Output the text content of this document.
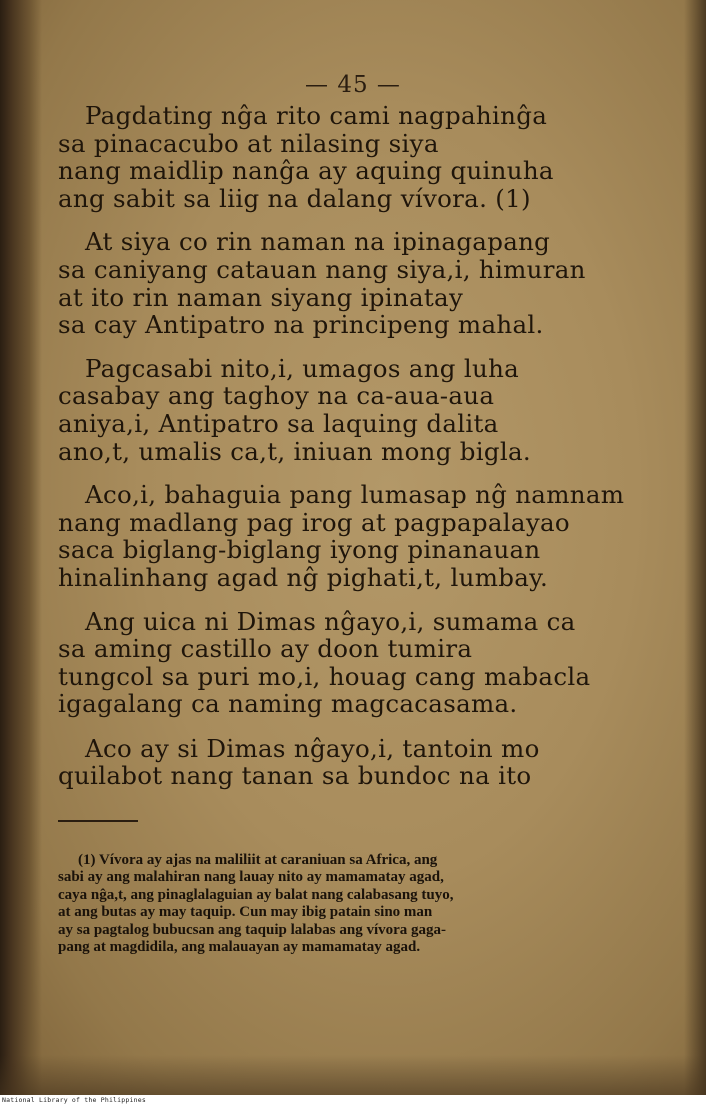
— 45 —
Pagdating nĝa rito cami nagpahinĝa
sa pinacacubo at nilasing siya
nang maidlip nanĝa ay aquing quinuha
ang sabit sa liig na dalang vívora. (1)
At siya co rin naman na ipinagapang
sa caniyang catauan nang siya,i, himuran
at ito rin naman siyang ipinatay
sa cay Antipatro na principeng mahal.
Pagcasabi nito,i, umagos ang luha
casabay ang taghoy na ca-aua-aua
aniya,i, Antipatro sa laquing dalita
ano,t, umalis ca,t, iniuan mong bigla.
Aco,i, bahaguia pang lumasap nĝ namnam
nang madlang pag irog at pagpapalayao
saca biglang-biglang iyong pinanauan
hinalinhang agad nĝ pighati,t, lumbay.
Ang uica ni Dimas nĝayo,i, sumama ca
sa aming castillo ay doon tumira
tungcol sa puri mo,i, houag cang mabacla
igagalang ca naming magcacasama.
Aco ay si Dimas nĝayo,i, tantoin mo
quilabot nang tanan sa bundoc na ito
(1) Vívora ay ajas na maliliit at caraniuan sa Africa, ang
sabi ay ang malahiran nang lauay nito ay mamamatay agad,
caya nĝa,t, ang pinaglalaguian ay balat nang calabasang tuyo,
at ang butas ay may taquip. Cun may ibig patain sino man
ay sa pagtalog bubucsan ang taquip lalabas ang vívora gaga-
pang at magdidila, ang malauayan ay mamamatay agad.
National Library of the Philippines
